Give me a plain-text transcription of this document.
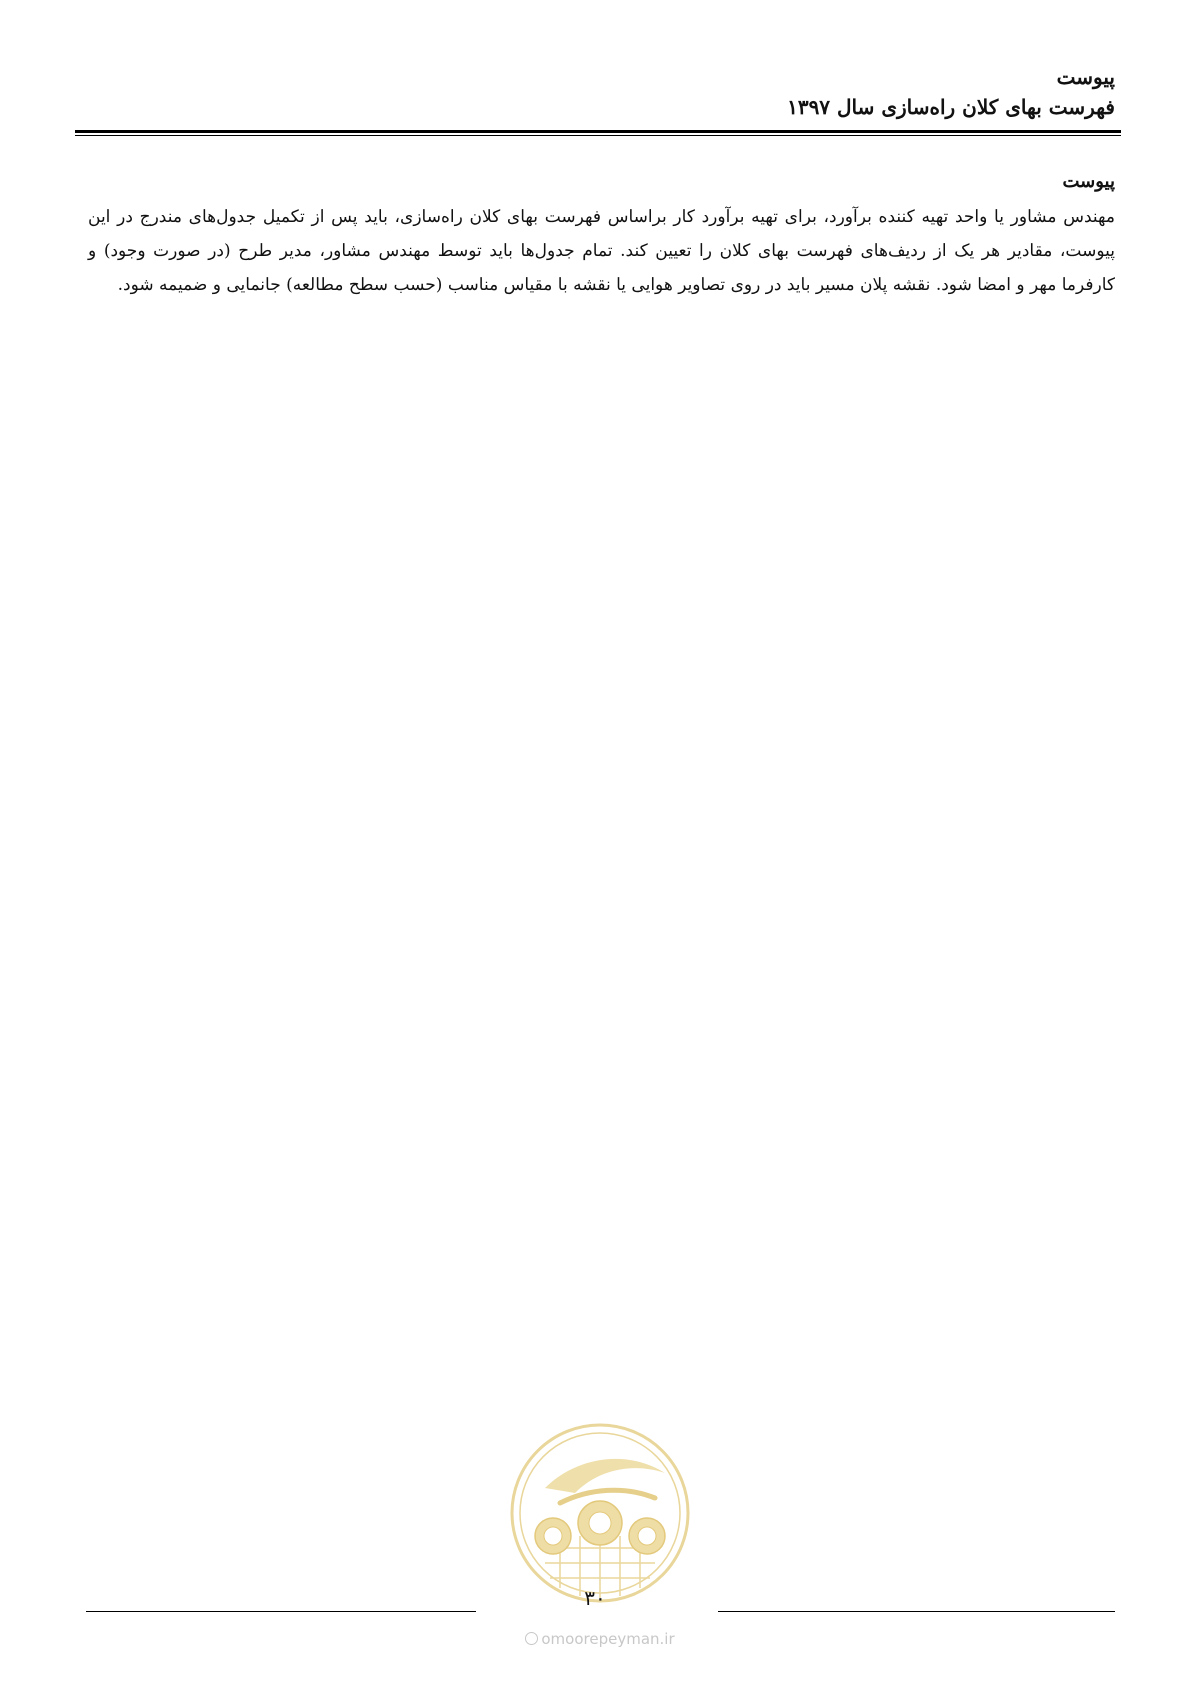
پیوست
فهرست بهای کلان راه‌سازی سال ۱۳۹۷
پیوست

مهندس مشاور یا واحد تهیه کننده برآورد، برای تهیه برآورد کار براساس فهرست بهای کلان راه‌سازی، باید پس از تکمیل جدول‌های مندرج در این پیوست، مقادیر هر یک از ردیف‌های فهرست بهای کلان را تعیین کند. تمام جدول‌ها باید توسط مهندس مشاور، مدیر طرح (در صورت وجود) و کارفرما مهر و امضا شود. نقشه پلان مسیر باید در روی تصاویر هوایی یا نقشه با مقیاس مناسب (حسب سطح مطالعه) جانمایی و ضمیمه شود.

۳۰
omoorepeyman.ir
